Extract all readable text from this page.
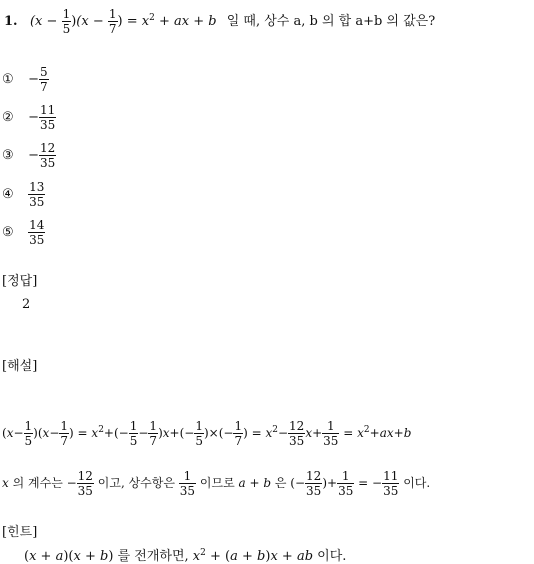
1. $(x - \frac{1}{5} )(x - \frac{1}{7}$ ) = $x^2$ + ax + b 일 때, 상수 a, b 의 합 a+b 의 값은?
① − $\frac{5}{7}$
② − $\frac{11}{35}$
③ − $\frac{12}{35}$
④ $\frac{13}{35}$
⑤ $\frac{14}{35}$
[정답]
2
[해설]
$(x- \frac{1}{5} )(x- \frac{1}{7}$ ) = $x^2+(- \frac{1}{5} - \frac{1}{7} )x+(- \frac{1}{5}$ )×(− $\frac{1}{7}$ ) = $x^2- \frac{12}{35} x+ \frac{1}{35} = x^2+ax+b$
x 의 계수는 − $\frac{12}{35}$ 이고, 상수항은 $\frac{1}{35}$ 이므로 a + b 은 (− $\frac{12}{35}$ )+ $\frac{1}{35}$ = − $\frac{11}{35}$ 이다.
[힌트]
(x + a)(x + b) 를 전개하면, $x^2 + (a + b)x$ + ab 이다.
